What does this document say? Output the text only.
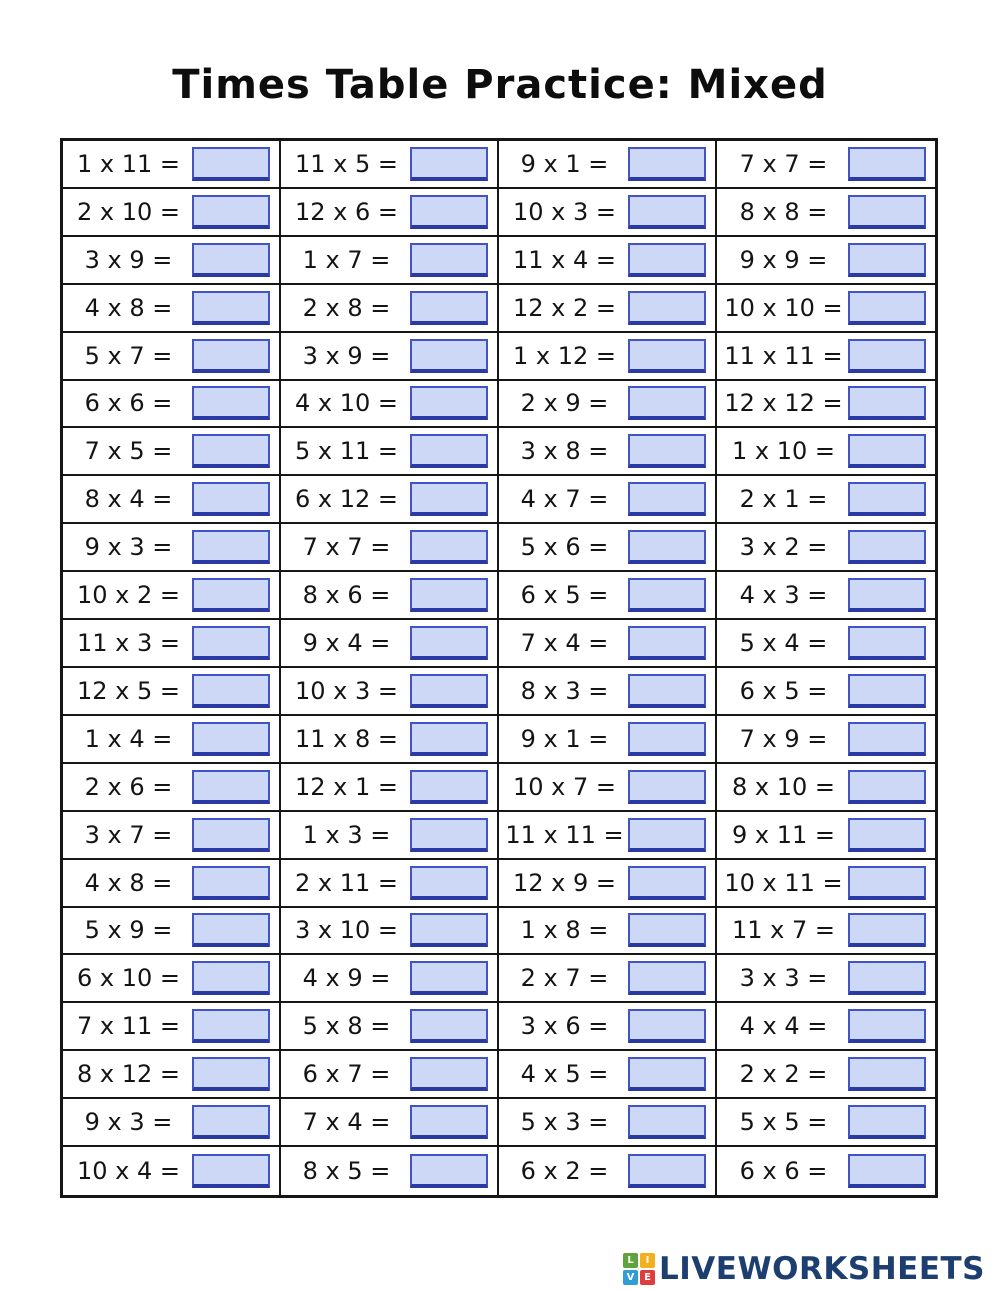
Times Table Practice: Mixed
1 x 11 =	11 x 5 =	9 x 1 =	7 x 7 =
2 x 10 =	12 x 6 =	10 x 3 =	8 x 8 =
3 x 9 =	1 x 7 =	11 x 4 =	9 x 9 =
4 x 8 =	2 x 8 =	12 x 2 =	10 x 10 =
5 x 7 =	3 x 9 =	1 x 12 =	11 x 11 =
6 x 6 =	4 x 10 =	2 x 9 =	12 x 12 =
7 x 5 =	5 x 11 =	3 x 8 =	1 x 10 =
8 x 4 =	6 x 12 =	4 x 7 =	2 x 1 =
9 x 3 =	7 x 7 =	5 x 6 =	3 x 2 =
10 x 2 =	8 x 6 =	6 x 5 =	4 x 3 =
11 x 3 =	9 x 4 =	7 x 4 =	5 x 4 =
12 x 5 =	10 x 3 =	8 x 3 =	6 x 5 =
1 x 4 =	11 x 8 =	9 x 1 =	7 x 9 =
2 x 6 =	12 x 1 =	10 x 7 =	8 x 10 =
3 x 7 =	1 x 3 =	11 x 11 =	9 x 11 =
4 x 8 =	2 x 11 =	12 x 9 =	10 x 11 =
5 x 9 =	3 x 10 =	1 x 8 =	11 x 7 =
6 x 10 =	4 x 9 =	2 x 7 =	3 x 3 =
7 x 11 =	5 x 8 =	3 x 6 =	4 x 4 =
8 x 12 =	6 x 7 =	4 x 5 =	2 x 2 =
9 x 3 =	7 x 4 =	5 x 3 =	5 x 5 =
10 x 4 =	8 x 5 =	6 x 2 =	6 x 6 =
L	I
V E LIVEWORKSHEETS
